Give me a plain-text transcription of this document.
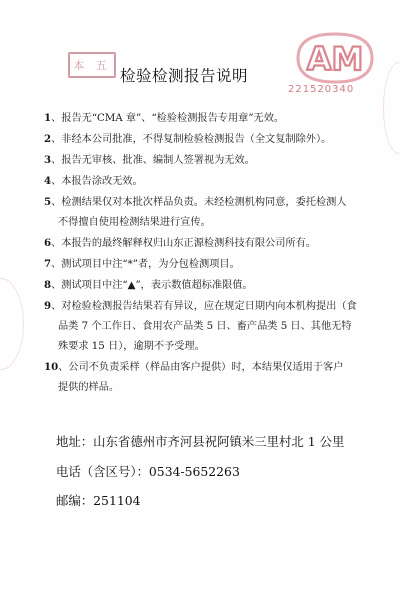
本 五
检验检测报告说明	AM
221520340
1、报告无“CMA 章”、“检验检测报告专用章”无效。
2、非经本公司批准，不得复制检验检测报告（全文复制除外）。
3、报告无审核、批准、编制人签署视为无效。
4、本报告涂改无效。
5、检测结果仅对本批次样品负责。未经检测机构同意，委托检测人
不得擅自使用检测结果进行宣传。
6、本报告的最终解释权归山东正源检测科技有限公司所有。
7、测试项目中注“*”者，为分包检测项目。
8、测试项目中注“▲”，表示数值超标准限值。
9、对检验检测报告结果若有异议，应在规定日期内向本机构提出（食
品类 7 个工作日、食用农产品类 5 日、畜产品类 5 日、其他无特
殊要求 15 日），逾期不予受理。
10、公司不负责采样（样品由客户提供）时，本结果仅适用于客户
提供的样品。
地址：山东省德州市齐河县祝阿镇米三里村北 1 公里
电话（含区号）：0534-5652263
邮编：251104
